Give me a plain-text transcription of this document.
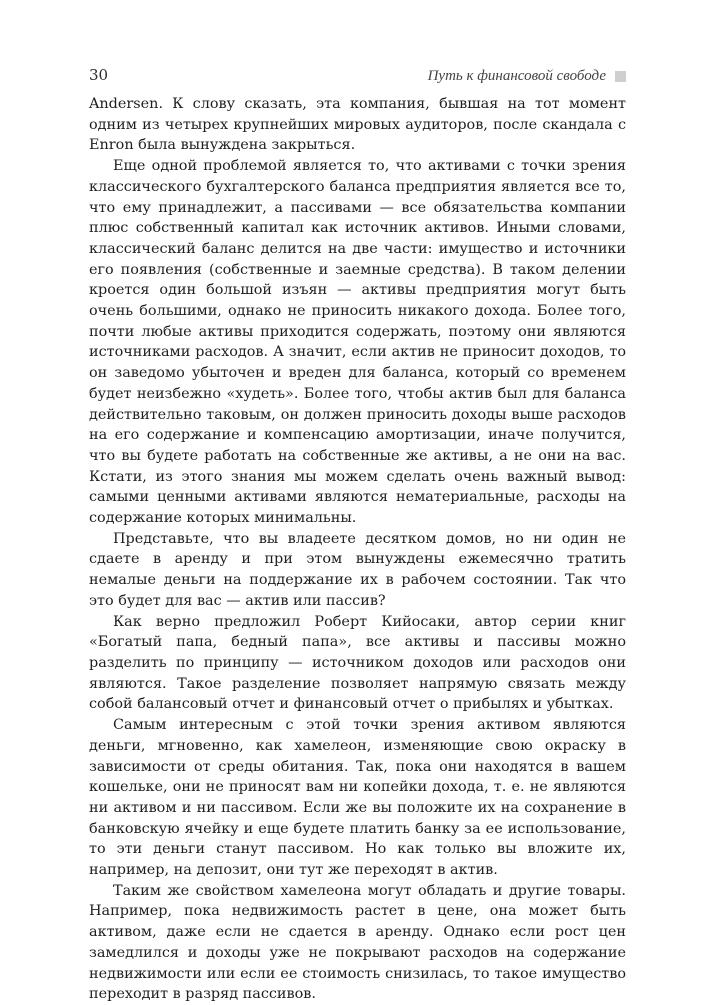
30	Путь к финансовой свободе

Andersen. К слову сказать, эта компания, бывшая на тот момент одним из четырех крупнейших мировых аудиторов, после скандала с Enron была вынуждена закрыться.

Еще одной проблемой является то, что активами с точки зрения классического бухгалтерского баланса предприятия является все то, что ему принадлежит, а пассивами — все обязательства компании плюс собственный капитал как источник активов. Иными словами, классический баланс делится на две части: имущество и источники его появления (собственные и заемные средства). В таком делении кроется один большой изъян — активы предприятия могут быть очень большими, однако не приносить никакого дохода. Более того, почти любые активы приходится содержать, поэтому они являются источниками расходов. А значит, если актив не приносит доходов, то он заведомо убыточен и вреден для баланса, который со временем будет неизбежно «худеть». Более того, чтобы актив был для баланса действительно таковым, он должен приносить доходы выше расходов на его содержание и компенсацию амортизации, иначе получится, что вы будете работать на собственные же активы, а не они на вас. Кстати, из этого знания мы можем сделать очень важный вывод: самыми ценными активами являются нематериальные, расходы на содержание которых минимальны.

Представьте, что вы владеете десятком домов, но ни один не сдаете в аренду и при этом вынуждены ежемесячно тратить немалые деньги на поддержание их в рабочем состоянии. Так что это будет для вас — актив или пассив?

Как верно предложил Роберт Кийосаки, автор серии книг «Богатый папа, бедный папа», все активы и пассивы можно разделить по принципу — источником доходов или расходов они являются. Такое разделение позволяет напрямую связать между собой балансовый отчет и финансовый отчет о прибылях и убытках.

Самым интересным с этой точки зрения активом являются деньги, мгновенно, как хамелеон, изменяющие свою окраску в зависимости от среды обитания. Так, пока они находятся в вашем кошельке, они не приносят вам ни копейки дохода, т. е. не являются ни активом и ни пассивом. Если же вы положите их на сохранение в банковскую ячейку и еще будете платить банку за ее использование, то эти деньги станут пассивом. Но как только вы вложите их, например, на депозит, они тут же переходят в актив.

Таким же свойством хамелеона могут обладать и другие товары. Например, пока недвижимость растет в цене, она может быть активом, даже если не сдается в аренду. Однако если рост цен замедлился и доходы уже не покрывают расходов на содержание недвижимости или если ее стоимость снизилась, то такое имущество переходит в разряд пассивов.
